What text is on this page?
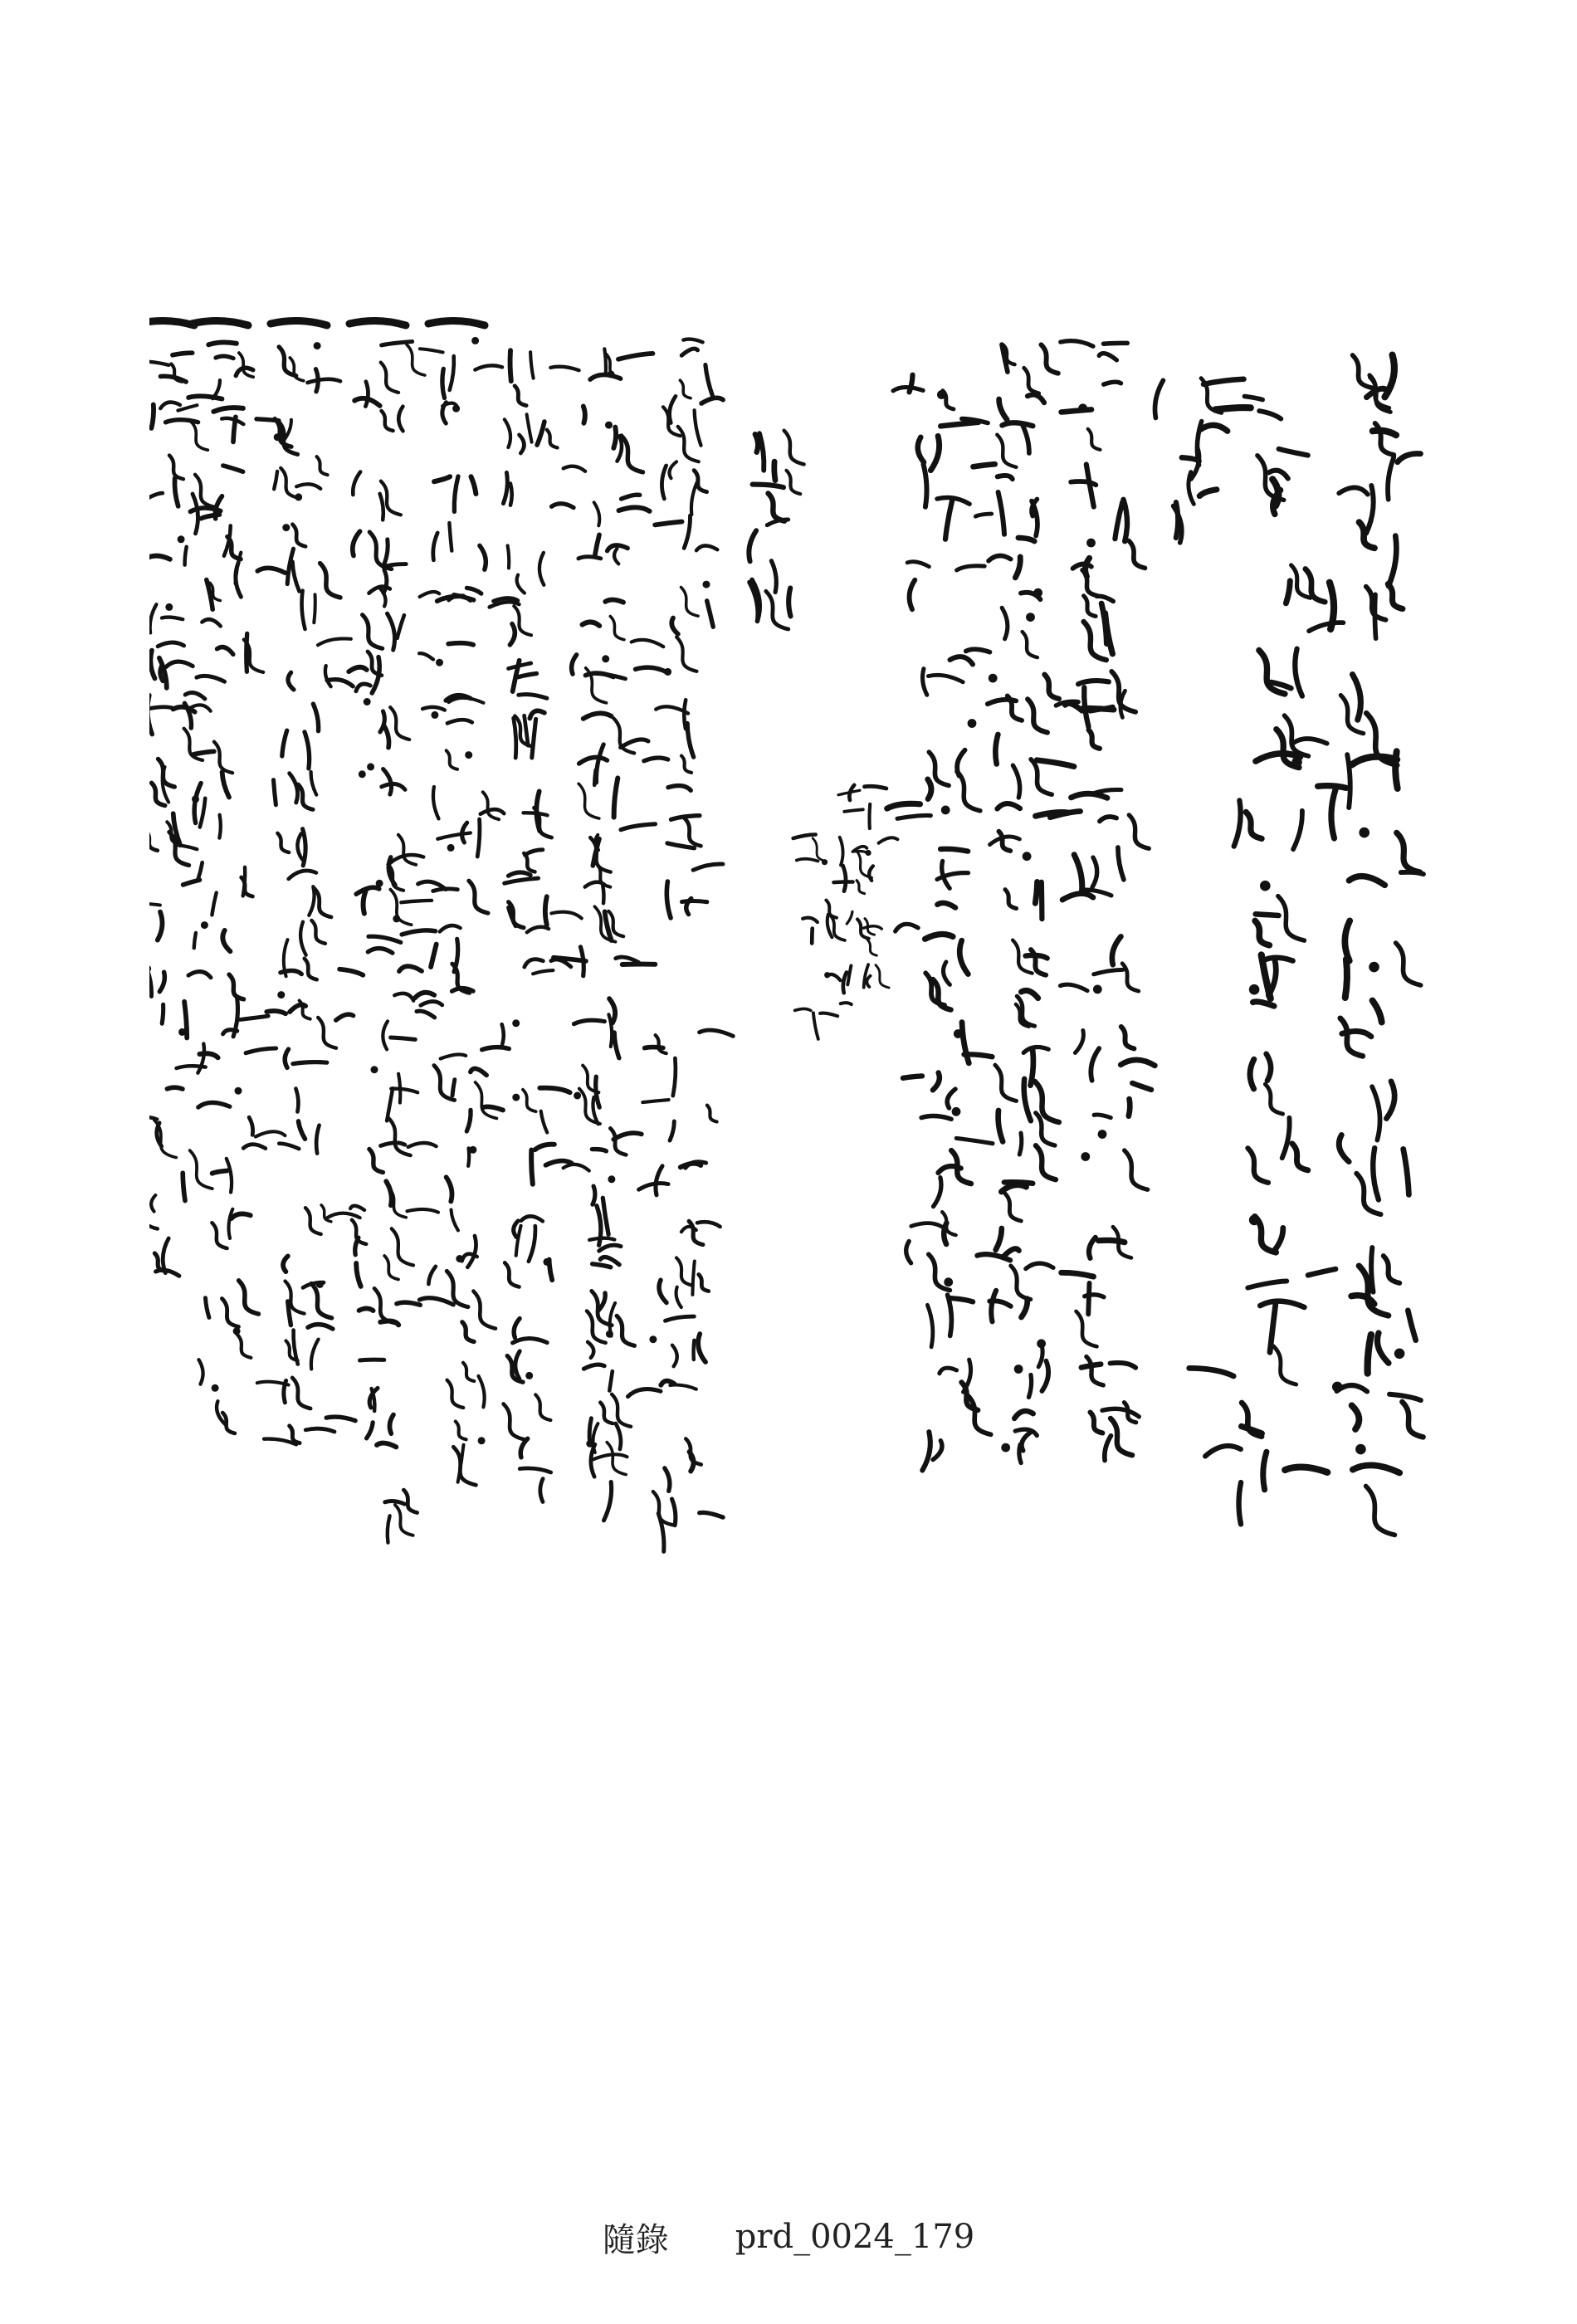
隨錄 prd_0024_179
